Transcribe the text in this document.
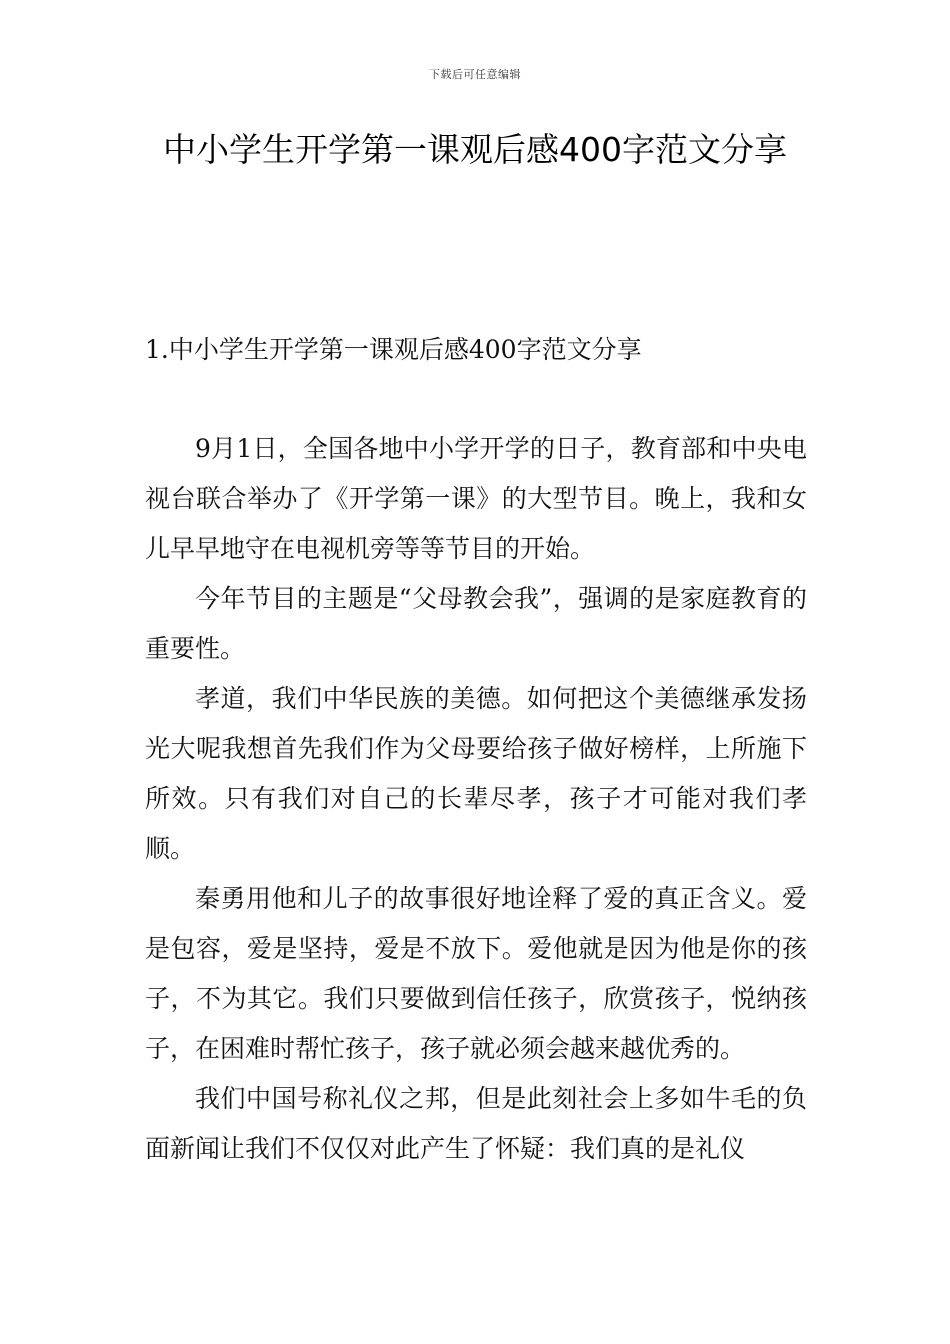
下载后可任意编辑
中小学生开学第一课观后感400字范文分享
1.中小学生开学第一课观后感400字范文分享

9月1日，全国各地中小学开学的日子，教育部和中央电视台联合举办了《开学第一课》的大型节目。晚上，我和女儿早早地守在电视机旁等等节目的开始。

今年节目的主题是“父母教会我”，强调的是家庭教育的重要性。

孝道，我们中华民族的美德。如何把这个美德继承发扬光大呢我想首先我们作为父母要给孩子做好榜样，上所施下所效。只有我们对自己的长辈尽孝，孩子才可能对我们孝顺。

秦勇用他和儿子的故事很好地诠释了爱的真正含义。爱是包容，爱是坚持，爱是不放下。爱他就是因为他是你的孩子，不为其它。我们只要做到信任孩子，欣赏孩子，悦纳孩子，在困难时帮忙孩子，孩子就必须会越来越优秀的。

我们中国号称礼仪之邦，但是此刻社会上多如牛毛的负面新闻让我们不仅仅对此产生了怀疑：我们真的是礼仪
